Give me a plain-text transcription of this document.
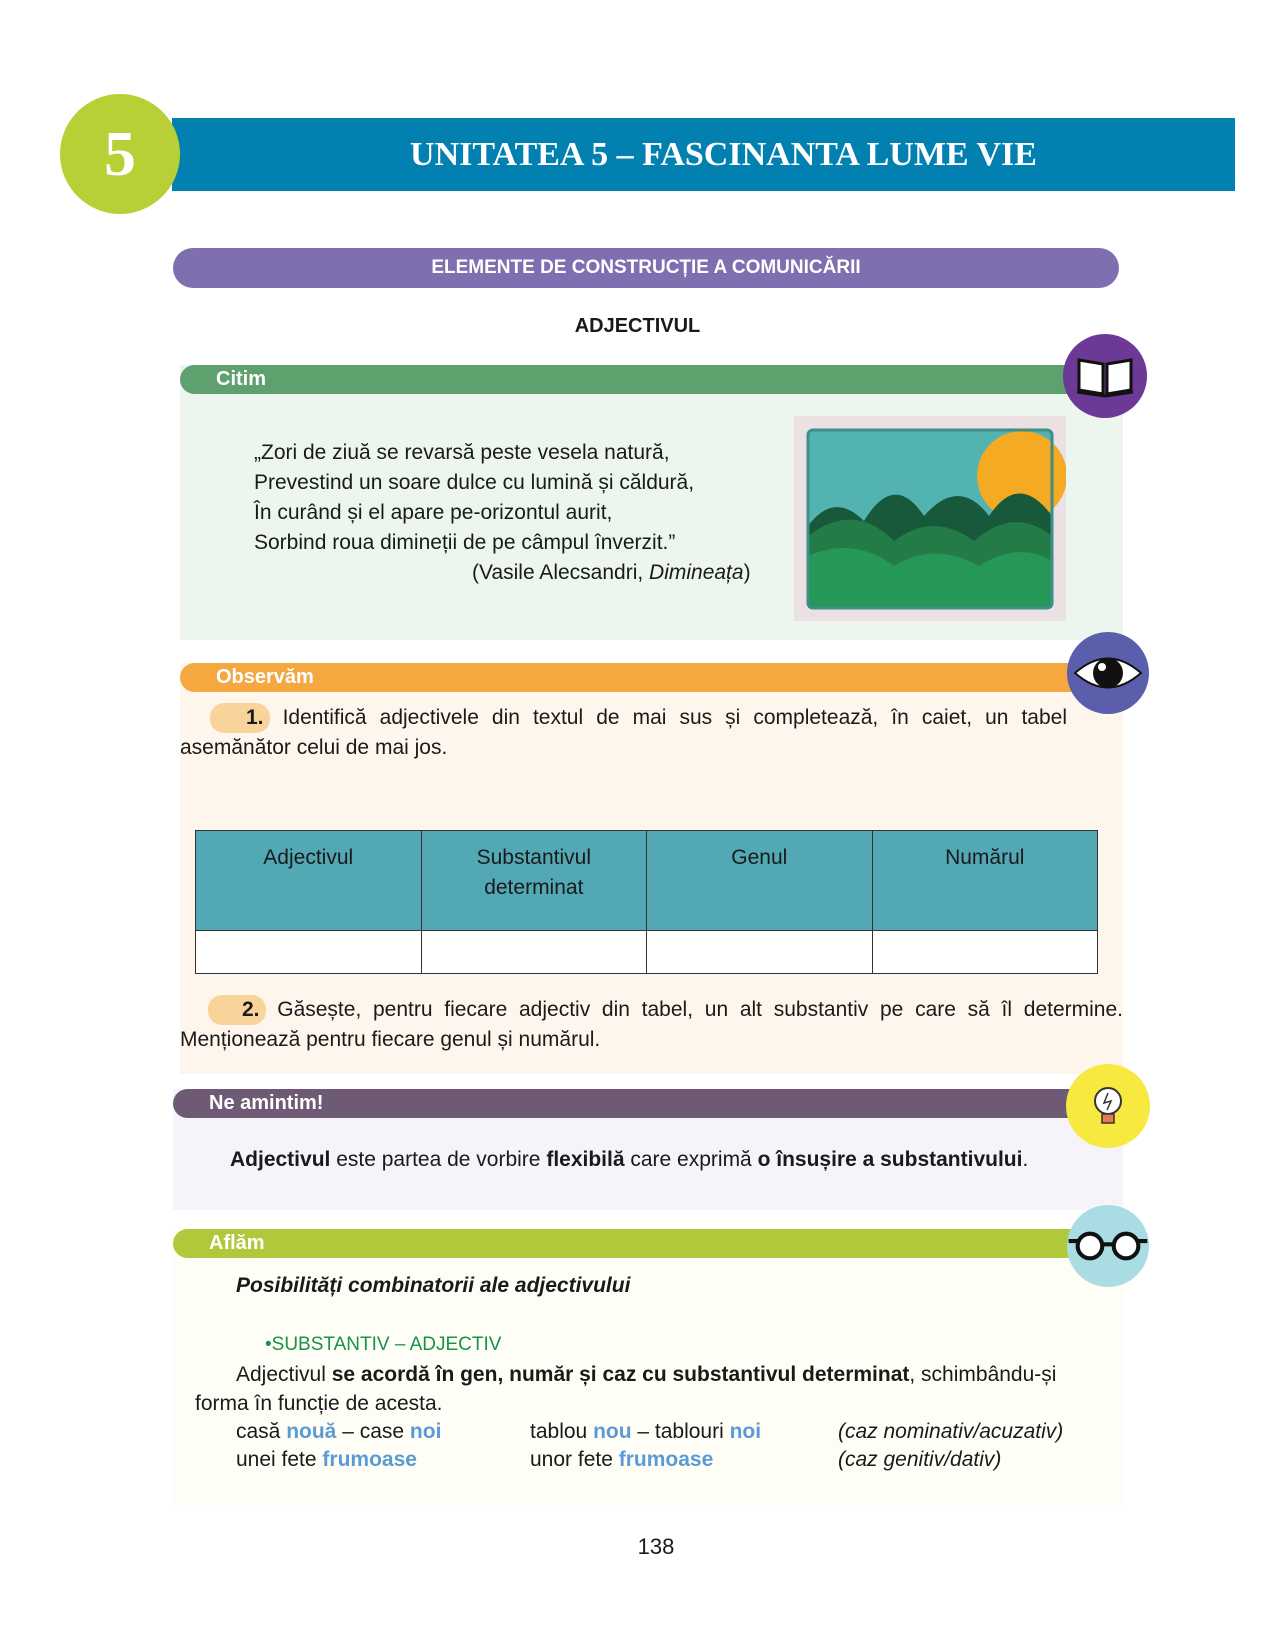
UNITATEA 5 – FASCINANTA LUME VIE
5
ELEMENTE DE CONSTRUCȚIE A COMUNICĂRII
ADJECTIVUL
Citim
„Zori de ziuă se revarsă peste vesela natură,
Prevestind un soare dulce cu lumină și căldură,
În curând și el apare pe-orizontul aurit,
Sorbind roua dimineții de pe câmpul înverzit.”
(Vasile Alecsandri, Dimineața)
Observăm
1. Identifică adjectivele din textul de mai sus și completează, în caiet, un tabel asemănător celui de mai jos.
Adjectivul	Substantivul determinat	Genul	Numărul

2. Găsește, pentru fiecare adjectiv din tabel, un alt substantiv pe care să îl determine. Menționează pentru fiecare genul și numărul.
Ne amintim!
Adjectivul este partea de vorbire flexibilă care exprimă o însușire a substantivului.
Aflăm
Posibilități combinatorii ale adjectivului
•SUBSTANTIV – ADJECTIV
Adjectivul se acordă în gen, număr și caz cu substantivul determinat, schimbându-și forma în funcție de acesta.
casă nouă – case noi	tablou nou – tablouri noi	(caz nominativ/acuzativ)
unei fete frumoase	unor fete frumoase	(caz genitiv/dativ)
138
